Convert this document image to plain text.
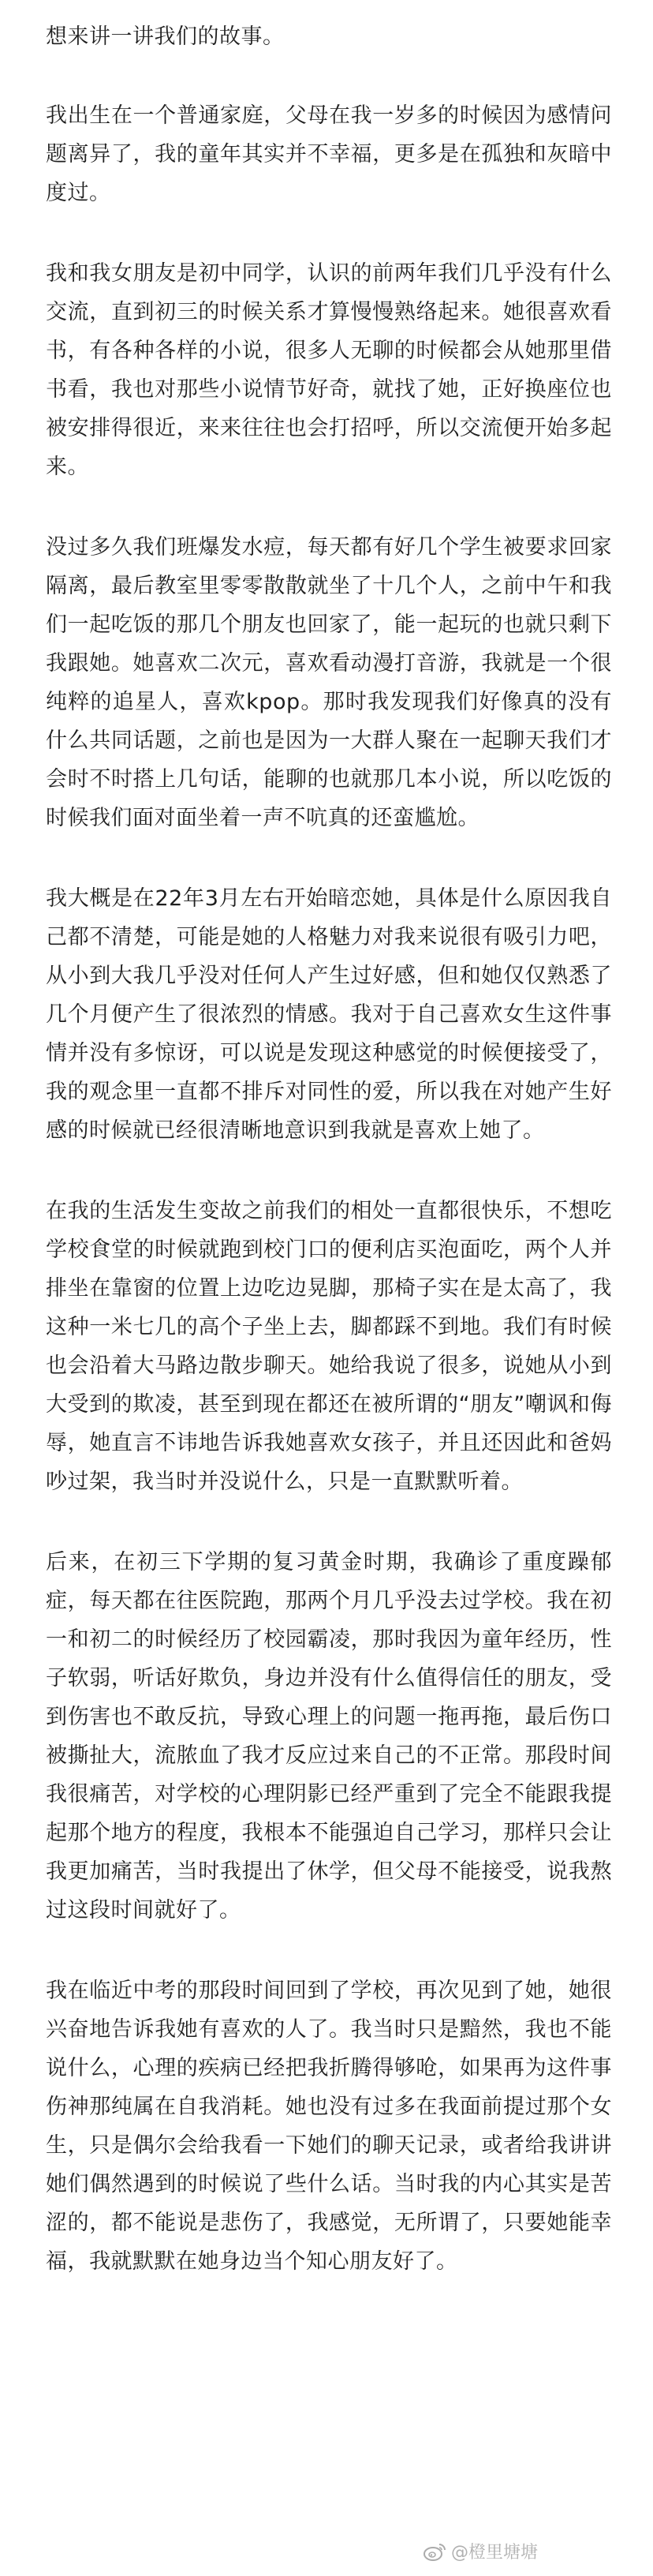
想来讲一讲我们的故事。

我出生在一个普通家庭，父母在我一岁多的时候因为感情问题离异了，我的童年其实并不幸福，更多是在孤独和灰暗中度过。

我和我女朋友是初中同学，认识的前两年我们几乎没有什么交流，直到初三的时候关系才算慢慢熟络起来。她很喜欢看书，有各种各样的小说，很多人无聊的时候都会从她那里借书看，我也对那些小说情节好奇，就找了她，正好换座位也被安排得很近，来来往往也会打招呼，所以交流便开始多起来。

没过多久我们班爆发水痘，每天都有好几个学生被要求回家隔离，最后教室里零零散散就坐了十几个人，之前中午和我们一起吃饭的那几个朋友也回家了，能一起玩的也就只剩下我跟她。她喜欢二次元，喜欢看动漫打音游，我就是一个很纯粹的追星人，喜欢kpop。那时我发现我们好像真的没有什么共同话题，之前也是因为一大群人聚在一起聊天我们才会时不时搭上几句话，能聊的也就那几本小说，所以吃饭的时候我们面对面坐着一声不吭真的还蛮尴尬。

我大概是在22年3月左右开始暗恋她，具体是什么原因我自己都不清楚，可能是她的人格魅力对我来说很有吸引力吧，从小到大我几乎没对任何人产生过好感，但和她仅仅熟悉了几个月便产生了很浓烈的情感。我对于自己喜欢女生这件事情并没有多惊讶，可以说是发现这种感觉的时候便接受了，我的观念里一直都不排斥对同性的爱，所以我在对她产生好感的时候就已经很清晰地意识到我就是喜欢上她了。

在我的生活发生变故之前我们的相处一直都很快乐，不想吃学校食堂的时候就跑到校门口的便利店买泡面吃，两个人并排坐在靠窗的位置上边吃边晃脚，那椅子实在是太高了，我这种一米七几的高个子坐上去，脚都踩不到地。我们有时候也会沿着大马路边散步聊天。她给我说了很多，说她从小到大受到的欺凌，甚至到现在都还在被所谓的“朋友”嘲讽和侮辱，她直言不讳地告诉我她喜欢女孩子，并且还因此和爸妈吵过架，我当时并没说什么，只是一直默默听着。

后来，在初三下学期的复习黄金时期，我确诊了重度躁郁症，每天都在往医院跑，那两个月几乎没去过学校。我在初一和初二的时候经历了校园霸凌，那时我因为童年经历，性子软弱，听话好欺负，身边并没有什么值得信任的朋友，受到伤害也不敢反抗，导致心理上的问题一拖再拖，最后伤口被撕扯大，流脓血了我才反应过来自己的不正常。那段时间我很痛苦，对学校的心理阴影已经严重到了完全不能跟我提起那个地方的程度，我根本不能强迫自己学习，那样只会让我更加痛苦，当时我提出了休学，但父母不能接受，说我熬过这段时间就好了。

我在临近中考的那段时间回到了学校，再次见到了她，她很兴奋地告诉我她有喜欢的人了。我当时只是黯然，我也不能说什么，心理的疾病已经把我折腾得够呛，如果再为这件事伤神那纯属在自我消耗。她也没有过多在我面前提过那个女生，只是偶尔会给我看一下她们的聊天记录，或者给我讲讲她们偶然遇到的时候说了些什么话。当时我的内心其实是苦涩的，都不能说是悲伤了，我感觉，无所谓了，只要她能幸福，我就默默在她身边当个知心朋友好了。

@橙里塘塘
